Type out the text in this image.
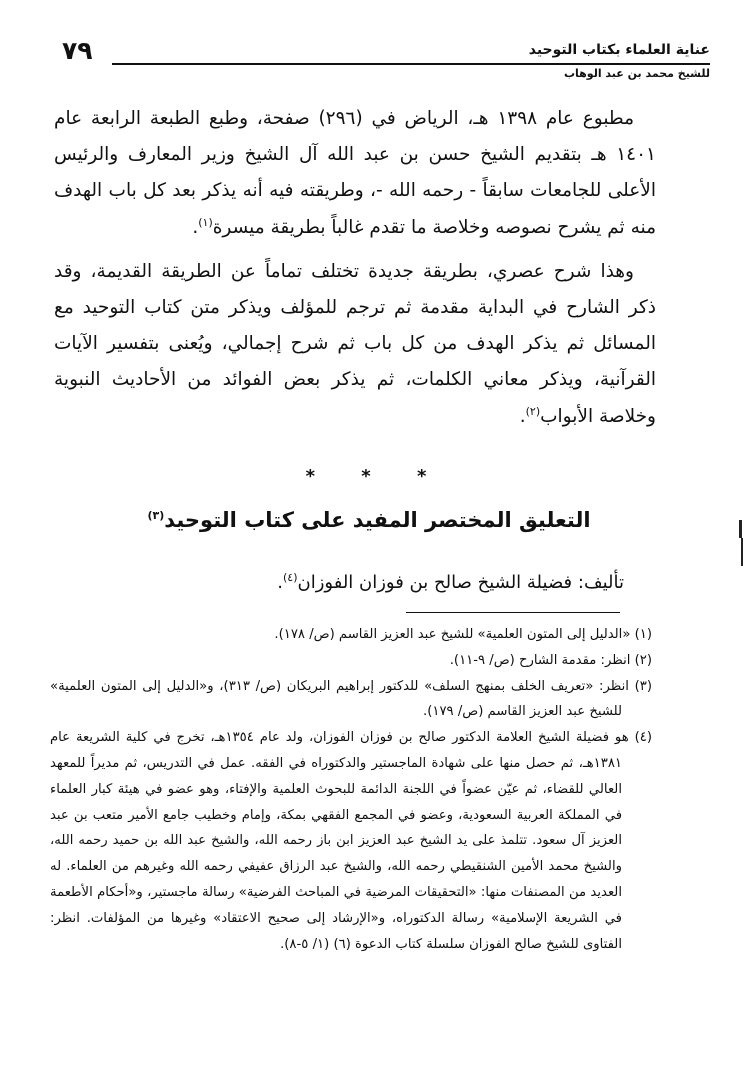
٧٩	عناية العلماء بكتاب التوحيد
للشيخ محمد بن عبد الوهاب

مطبوع عام ١٣٩٨ هـ، الرياض في (٢٩٦) صفحة، وطبع الطبعة الرابعة عام ١٤٠١ هـ بتقديم الشيخ حسن بن عبد الله آل الشيخ وزير المعارف والرئيس الأعلى للجامعات سابقاً - رحمه الله -، وطريقته فيه أنه يذكر بعد كل باب الهدف منه ثم يشرح نصوصه وخلاصة ما تقدم غالباً بطريقة ميسرة$^{(١)}$.

وهذا شرح عصري، بطريقة جديدة تختلف تماماً عن الطريقة القديمة، وقد ذكر الشارح في البداية مقدمة ثم ترجم للمؤلف ويذكر متن كتاب التوحيد مع المسائل ثم يذكر الهدف من كل باب ثم شرح إجمالي، ويُعنى بتفسير الآيات القرآنية، ويذكر معاني الكلمات، ثم يذكر بعض الفوائد من الأحاديث النبوية وخلاصة الأبواب$^{(٢)}$.

* * *
التعليق المختصر المفيد على كتاب التوحيد$^{(٣)}$
تأليف: فضيلة الشيخ صالح بن فوزان الفوزان$^{(٤)}$.

(١) «الدليل إلى المتون العلمية» للشيخ عبد العزيز القاسم (ص/ ١٧٨).

(٢) انظر: مقدمة الشارح (ص/ ٩-١١).

(٣) انظر: «تعريف الخلف بمنهج السلف» للدكتور إبراهيم البريكان (ص/ ٣١٣)، و«الدليل إلى المتون العلمية» للشيخ عبد العزيز القاسم (ص/ ١٧٩).

(٤) هو فضيلة الشيخ العلامة الدكتور صالح بن فوزان الفوزان، ولد عام ١٣٥٤هـ، تخرج في كلية الشريعة عام ١٣٨١هـ، ثم حصل منها على شهادة الماجستير والدكتوراه في الفقه. عمل في التدريس، ثم مديراً للمعهد العالي للقضاء، ثم عيّن عضواً في اللجنة الدائمة للبحوث العلمية والإفتاء، وهو عضو في هيئة كبار العلماء في المملكة العربية السعودية، وعضو في المجمع الفقهي بمكة، وإمام وخطيب جامع الأمير متعب بن عبد العزيز آل سعود. تتلمذ على يد الشيخ عبد العزيز ابن باز رحمه الله، والشيخ عبد الله بن حميد رحمه الله، والشيخ محمد الأمين الشنقيطي رحمه الله، والشيخ عبد الرزاق عفيفي رحمه الله وغيرهم من العلماء. له العديد من المصنفات منها: «التحقيقات المرضية في المباحث الفرضية» رسالة ماجستير، و«أحكام الأطعمة في الشريعة الإسلامية» رسالة الدكتوراه، و«الإرشاد إلى صحيح الاعتقاد» وغيرها من المؤلفات. انظر: الفتاوى للشيخ صالح الفوزان سلسلة كتاب الدعوة (٦) (١/ ٥-٨).
